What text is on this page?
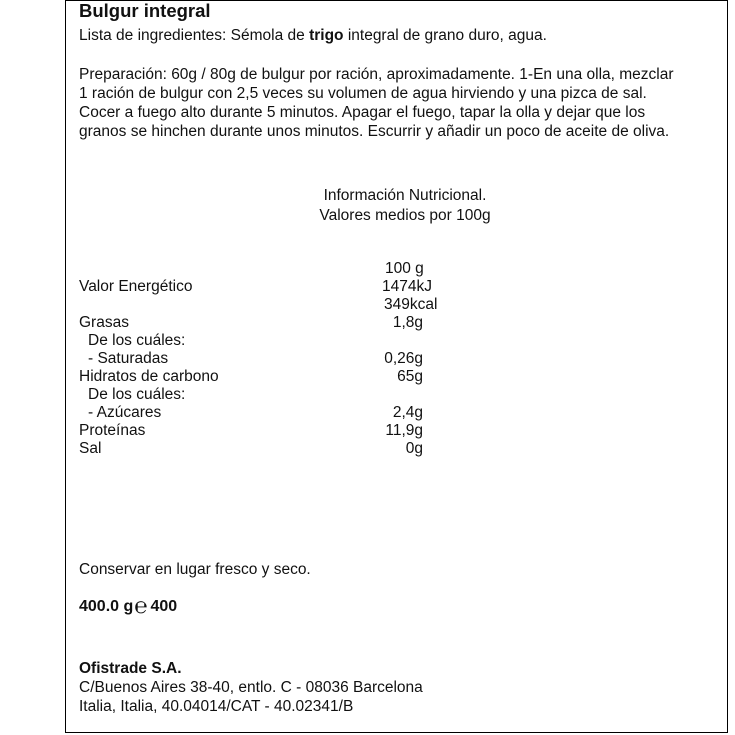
Bulgur integral
Lista de ingredientes: Sémola de trigo integral de grano duro, agua.
Preparación: 60g / 80g de bulgur por ración, aproximadamente. 1-En una olla, mezclar 1 ración de bulgur con 2,5 veces su volumen de agua hirviendo y una pizca de sal. Cocer a fuego alto durante 5 minutos. Apagar el fuego, tapar la olla y dejar que los granos se hinchen durante unos minutos. Escurrir y añadir un poco de aceite de oliva.
Información Nutricional.
Valores medios por 100g
100 g
Valor Energético	1474kJ
349kcal
Grasas	1,8g
De los cuáles:
- Saturadas	0,26g
Hidratos de carbono	65g
De los cuáles:
- Azúcares	2,4g
Proteínas	11,9g
Sal	0g
Conservar en lugar fresco y seco.
400.0 g℮ 400
Ofistrade S.A.
C/Buenos Aires 38-40, entlo. C - 08036 Barcelona
Italia, Italia, 40.04014/CAT - 40.02341/B
